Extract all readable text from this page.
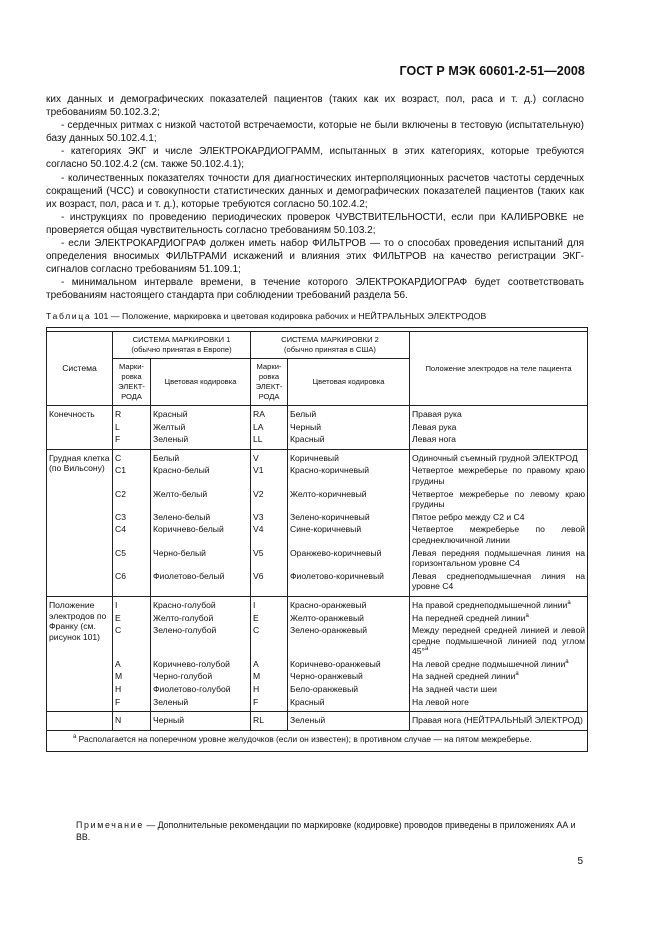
ГОСТ Р МЭК 60601-2-51—2008

ких данных и демографических показателей пациентов (таких как их возраст, пол, раса и т. д.) согласно требованиям 50.102.3.2;

- сердечных ритмах с низкой частотой встречаемости, которые не были включены в тестовую (испытательную) базу данных 50.102.4.1;

- категориях ЭКГ и числе ЭЛЕКТРОКАРДИОГРАММ, испытанных в этих категориях, которые требуются согласно 50.102.4.2 (см. также 50.102.4.1);

- количественных показателях точности для диагностических интерполяционных расчетов частоты сердечных сокращений (ЧСС) и совокупности статистических данных и демографических показателей пациентов (таких как их возраст, пол, раса и т. д.), которые требуются согласно 50.102.4.2;

- инструкциях по проведению периодических проверок ЧУВСТВИТЕЛЬНОСТИ, если при КАЛИБРОВКЕ не проверяется общая чувствительность согласно требованиям 50.103.2;

- если ЭЛЕКТРОКАРДИОГРАФ должен иметь набор ФИЛЬТРОВ — то о способах проведения испытаний для определения вносимых ФИЛЬТРАМИ искажений и влияния этих ФИЛЬТРОВ на качество регистрации ЭКГ-сигналов согласно требованиям 51.109.1;

- минимальном интервале времени, в течение которого ЭЛЕКТРОКАРДИОГРАФ будет соответствовать требованиям настоящего стандарта при соблюдении требований раздела 56.

Таблица 101 — Положение, маркировка и цветовая кодировка рабочих и НЕЙТРАЛЬНЫХ ЭЛЕКТРОДОВ

Система	СИСТЕМА МАРКИРОВКИ 1
(обычно принятая в Европе)		СИСТЕМА МАРКИРОВКИ 2
(обычно принятая в США)		Положение электродов на теле пациента
	Марки-
ровка
ЭЛЕКТ-
РОДА	Цветовая кодировка	Марки-
ровка
ЭЛЕКТ-
РОДА	Цветовая кодировка	
Конечность	R	Красный	RA	Белый	Правая рука
	L	Желтый	LA	Черный	Левая рука
	F	Зеленый	LL	Красный	Левая нога
Грудная клетка (по Вильсону)	C	Белый	V	Коричневый	Одиночный съемный грудной ЭЛЕКТРОД
	C1	Красно-белый	V1	Красно-коричневый	Четвертое межреберье по правому краю грудины
	C2	Желто-белый	V2	Желто-коричневый	Четвертое межреберье по левому краю грудины
	C3	Зелено-белый	V3	Зелено-коричневый	Пятое ребро между C2 и C4
	C4	Коричнево-белый	V4	Сине-коричневый	Четвертое межреберье по левой среднеключичной линии
	C5	Черно-белый	V5	Оранжево-коричневый	Левая передняя подмышечная линия на горизонтальном уровне C4
	C6	Фиолетово-белый	V6	Фиолетово-коричневый	Левая среднеподмышечная линия на уровне C4
Положение электродов по Франку (см. рисунок 101)	I	Красно-голубой	I	Красно-оранжевый	На правой среднеподмышечной линии$^a$
	E	Желто-голубой	E	Желто-оранжевый	На передней средней линии$^a$
	C	Зелено-голубой	C	Зелено-оранжевый	Между передней средней линией и левой средне подмышечной линией под углом 45°$^a$
	A	Коричнево-голубой	A	Коричнево-оранжевый	На левой средне подмышечной линии$^a$
	M	Черно-голубой	M	Черно-оранжевый	На задней средней линии$^a$
	H	Фиолетово-голубой	H	Бело-оранжевый	На задней части шеи
	F	Зеленый	F	Красный	На левой ноге
	N	Черный	RL	Зеленый	Правая нога (НЕЙТРАЛЬНЫЙ ЭЛЕКТРОД)

$^a$ Располагается на поперечном уровне желудочков (если он известен); в противном случае — на пятом межреберье.					
Примечание — Дополнительные рекомендации по маркировке (кодировке) проводов приведены в приложениях АА и ВВ.
5
